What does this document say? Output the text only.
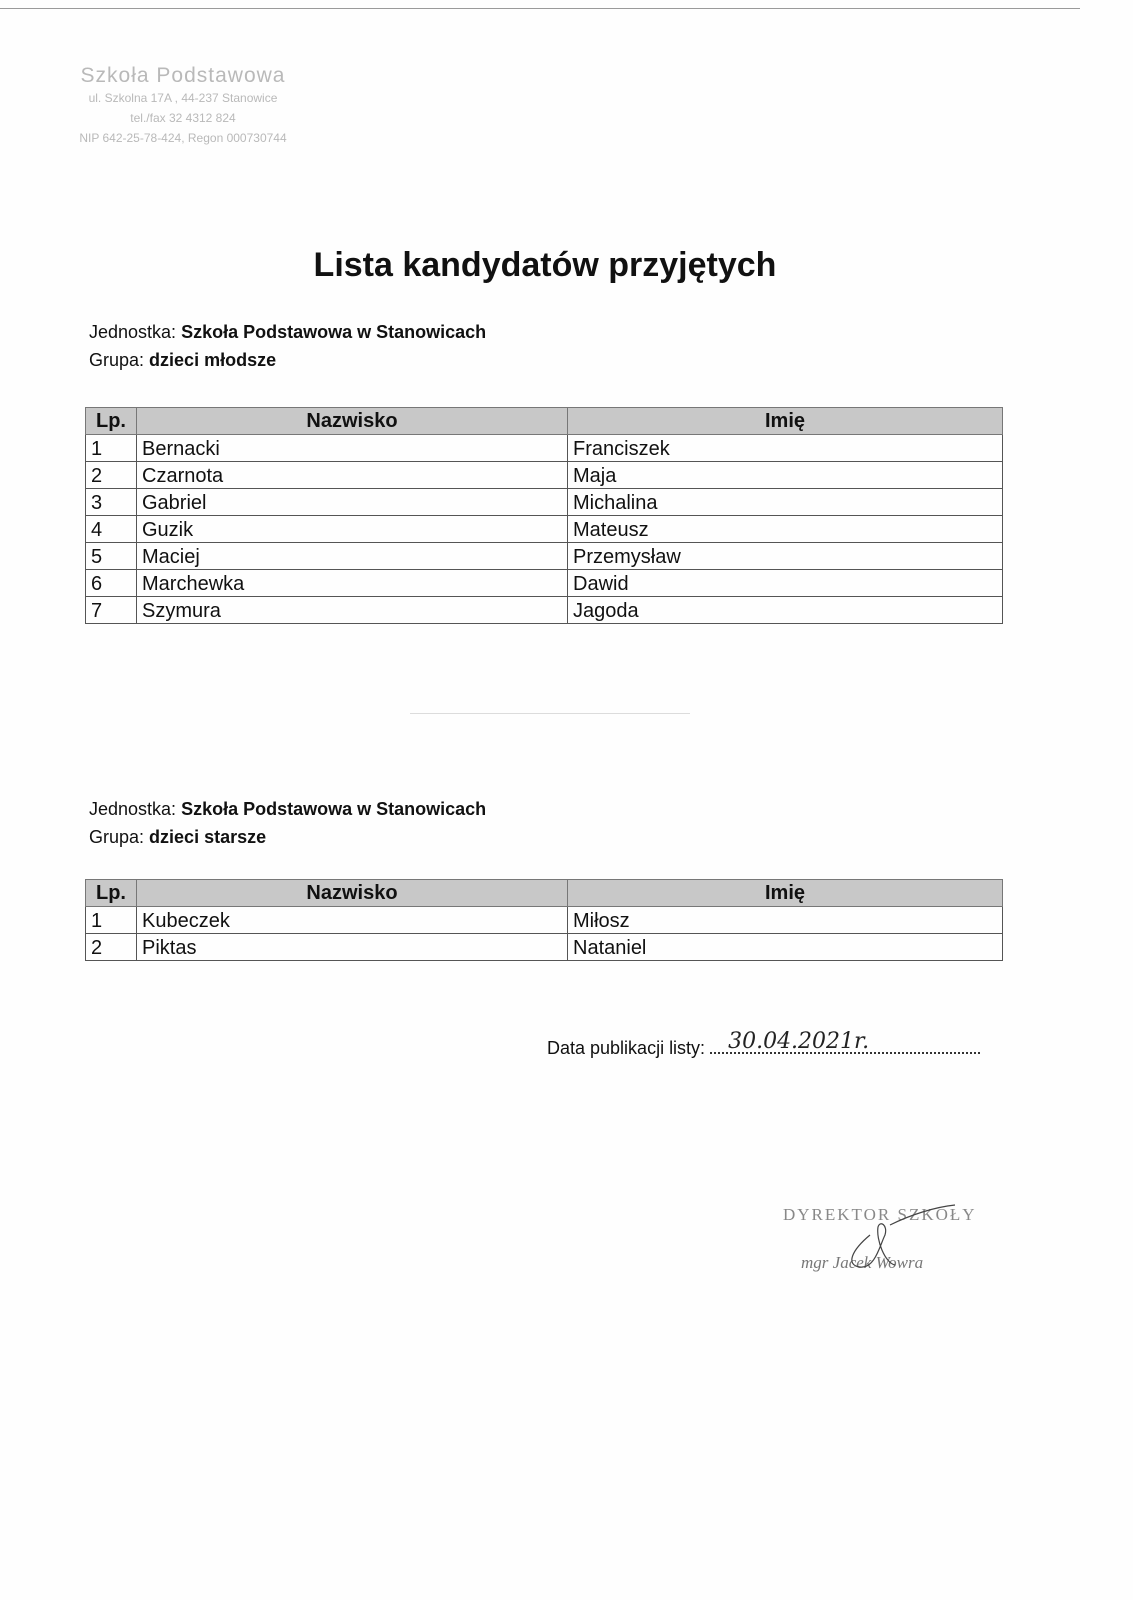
Szkoła Podstawowa
ul. Szkolna 17A , 44-237 Stanowice
tel./fax 32 4312 824
NIP 642-25-78-424, Regon 000730744
Lista kandydatów przyjętych
Jednostka: Szkoła Podstawowa w Stanowicach
Grupa: dzieci młodsze
Lp.	Nazwisko	Imię
1	Bernacki	Franciszek
2	Czarnota	Maja
3	Gabriel	Michalina
4	Guzik	Mateusz
5	Maciej	Przemysław
6	Marchewka	Dawid
7	Szymura	Jagoda
Jednostka: Szkoła Podstawowa w Stanowicach
Grupa: dzieci starsze
Lp.	Nazwisko	Imię
1	Kubeczek	Miłosz
2	Piktas	Nataniel
Data publikacji listy: 30.04.2021r.
DYREKTOR SZKOŁY
mgr Jacek Wowra
